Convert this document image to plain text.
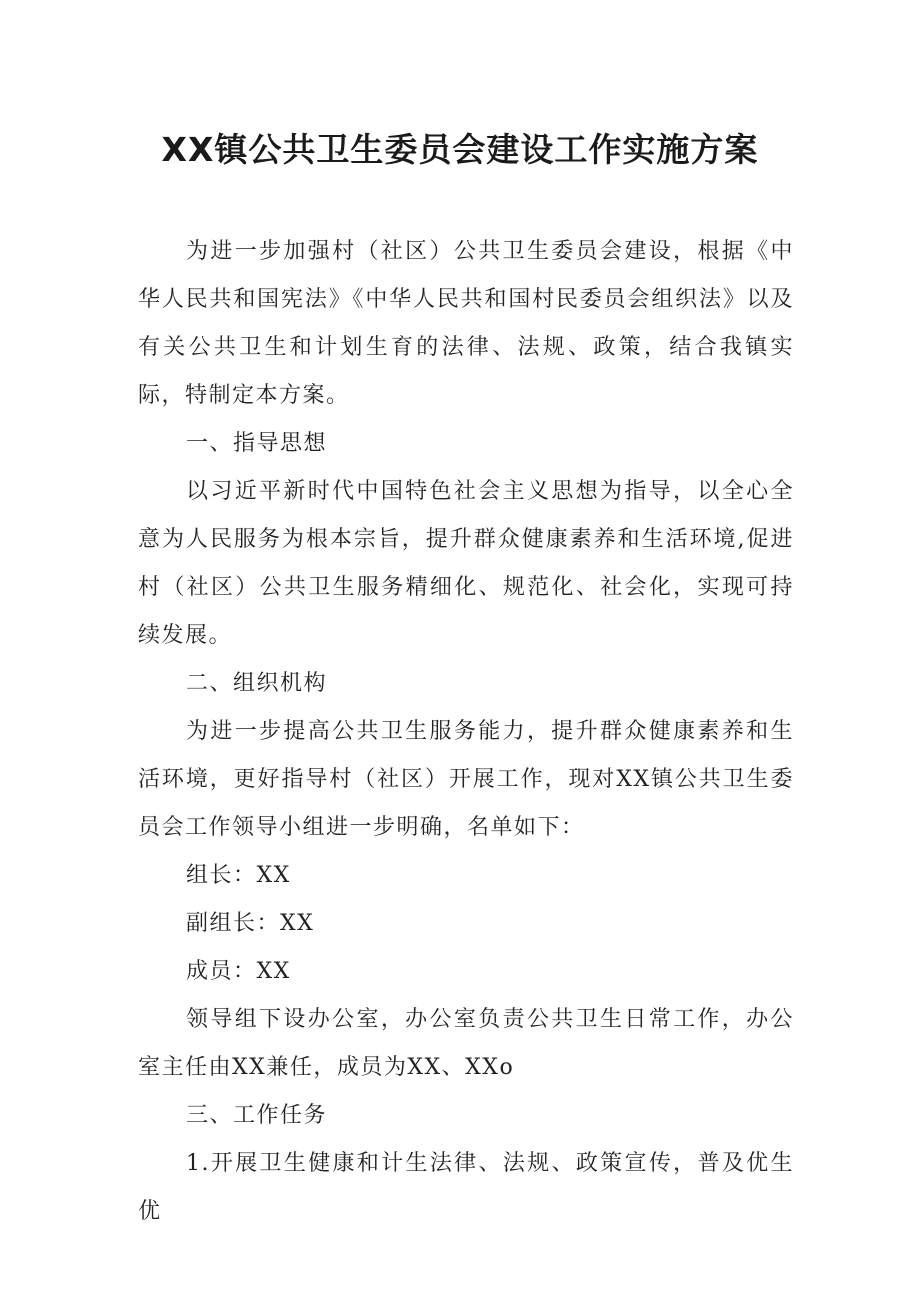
XX镇公共卫生委员会建设工作实施方案

为进一步加强村（社区）公共卫生委员会建设，根据《中华人民共和国宪法》《中华人民共和国村民委员会组织法》以及有关公共卫生和计划生育的法律、法规、政策，结合我镇实际，特制定本方案。

一、指导思想

以习近平新时代中国特色社会主义思想为指导，以全心全意为人民服务为根本宗旨，提升群众健康素养和生活环境,促进村（社区）公共卫生服务精细化、规范化、社会化，实现可持续发展。

二、组织机构

为进一步提高公共卫生服务能力，提升群众健康素养和生活环境，更好指导村（社区）开展工作，现对XX镇公共卫生委员会工作领导小组进一步明确，名单如下：

组长：XX

副组长：XX

成员：XX

领导组下设办公室，办公室负责公共卫生日常工作，办公室主任由XX兼任，成员为XX、XXo

三、工作任务

1.开展卫生健康和计生法律、法规、政策宣传，普及优生优
